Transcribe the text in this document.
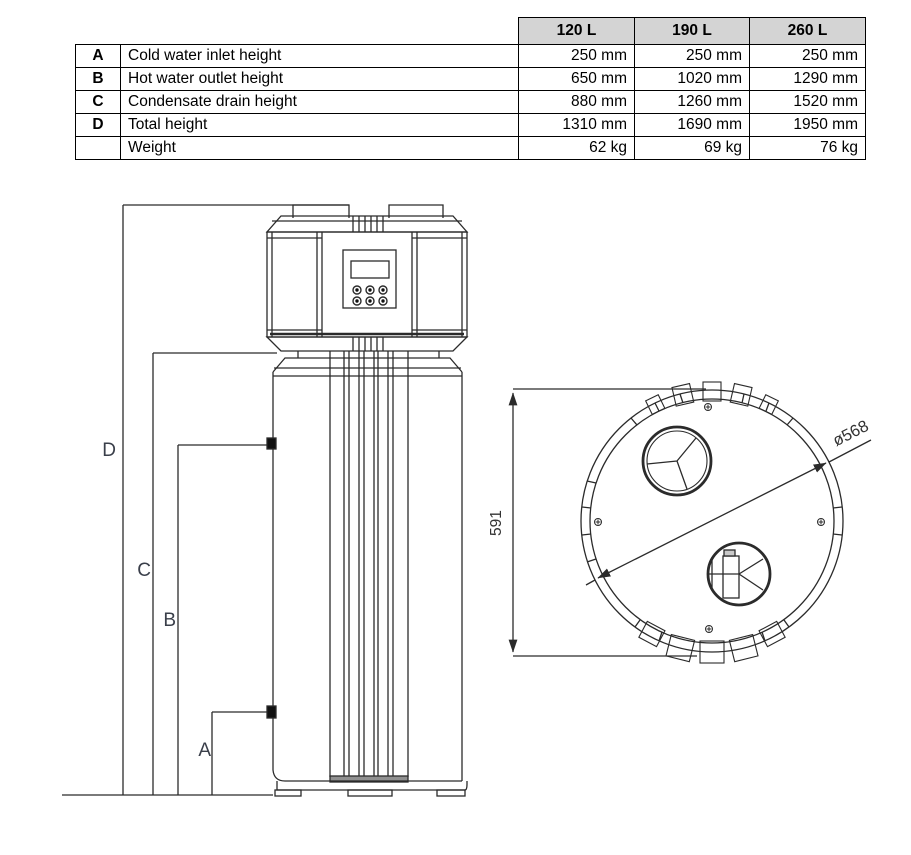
		120 L	190 L	260 L
A	Cold water inlet height	250 mm	250 mm	250 mm
B	Hot water outlet height	650 mm	1020 mm	1290 mm
C	Condensate drain height	880 mm	1260 mm	1520 mm
D	Total height	1310 mm	1690 mm	1950 mm
	Weight	62 kg	69 kg	76 kg
D
C
B
A
591
ø568
